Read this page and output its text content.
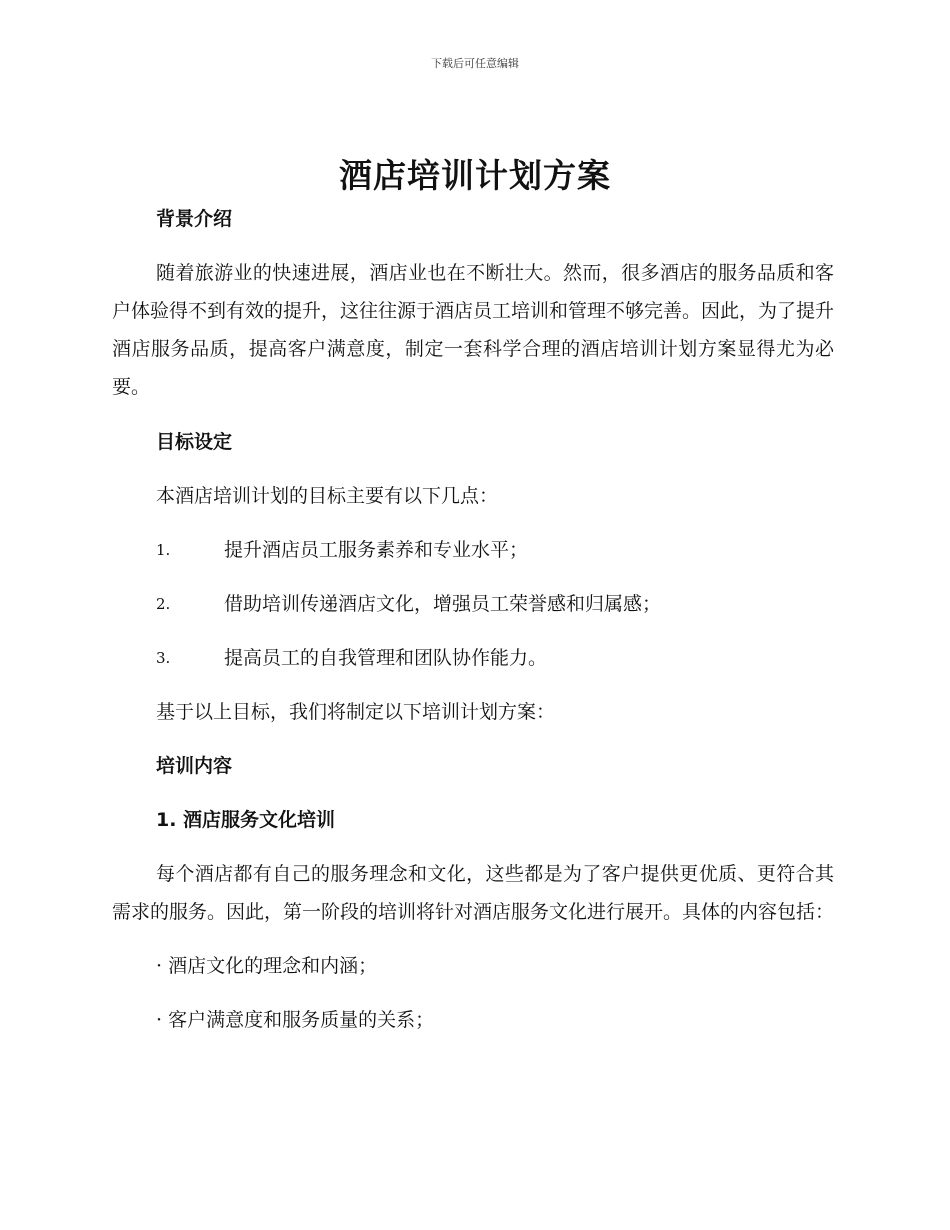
下载后可任意编辑
酒店培训计划方案

背景介绍

随着旅游业的快速进展，酒店业也在不断壮大。然而，很多酒店的服务品质和客户体验得不到有效的提升，这往往源于酒店员工培训和管理不够完善。因此，为了提升酒店服务品质，提高客户满意度，制定一套科学合理的酒店培训计划方案显得尤为必要。

目标设定

本酒店培训计划的目标主要有以下几点：

1.	提升酒店员工服务素养和专业水平；
2.	借助培训传递酒店文化，增强员工荣誉感和归属感；
3.	提高员工的自我管理和团队协作能力。

基于以上目标，我们将制定以下培训计划方案：

培训内容

1. 酒店服务文化培训

每个酒店都有自己的服务理念和文化，这些都是为了客户提供更优质、更符合其需求的服务。因此，第一阶段的培训将针对酒店服务文化进行展开。具体的内容包括：

· 酒店文化的理念和内涵；

· 客户满意度和服务质量的关系；
